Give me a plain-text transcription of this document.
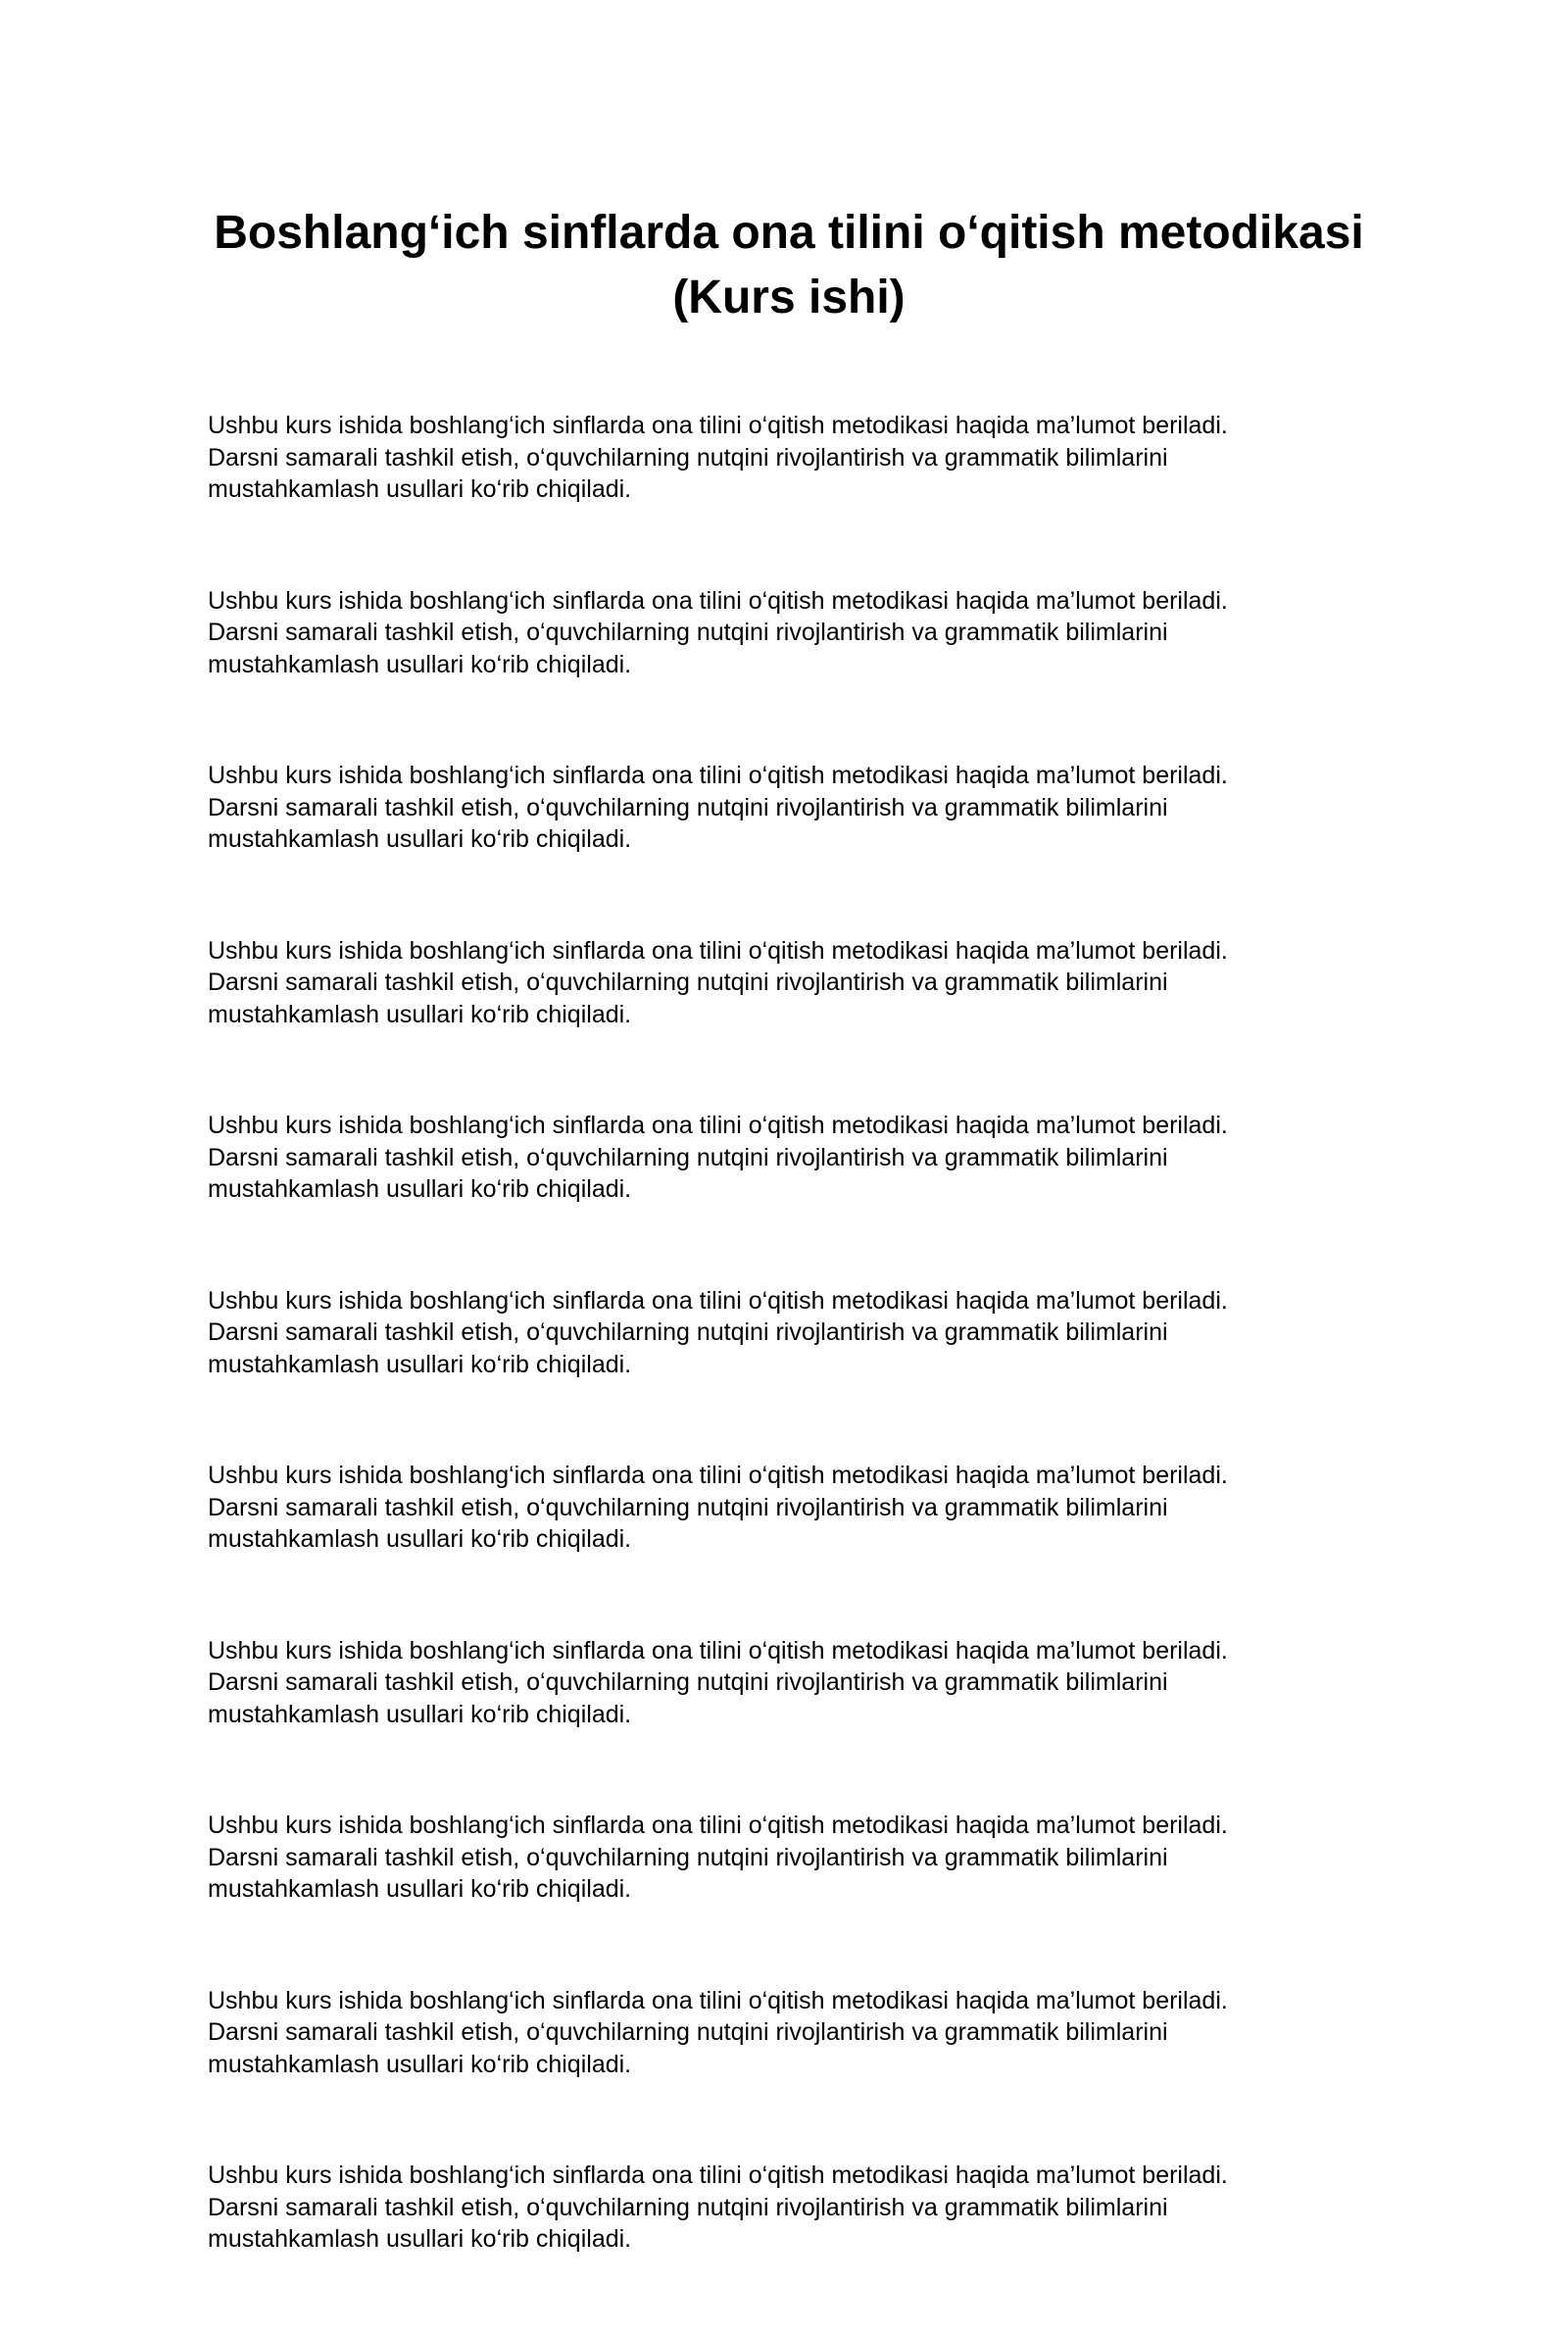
Boshlang‘ich sinflarda ona tilini o‘qitish metodikasi
(Kurs ishi)

Ushbu kurs ishida boshlang‘ich sinflarda ona tilini o‘qitish metodikasi haqida ma’lumot beriladi.
Darsni samarali tashkil etish, o‘quvchilarning nutqini rivojlantirish va grammatik bilimlarini
mustahkamlash usullari ko‘rib chiqiladi.

Ushbu kurs ishida boshlang‘ich sinflarda ona tilini o‘qitish metodikasi haqida ma’lumot beriladi.
Darsni samarali tashkil etish, o‘quvchilarning nutqini rivojlantirish va grammatik bilimlarini
mustahkamlash usullari ko‘rib chiqiladi.

Ushbu kurs ishida boshlang‘ich sinflarda ona tilini o‘qitish metodikasi haqida ma’lumot beriladi.
Darsni samarali tashkil etish, o‘quvchilarning nutqini rivojlantirish va grammatik bilimlarini
mustahkamlash usullari ko‘rib chiqiladi.

Ushbu kurs ishida boshlang‘ich sinflarda ona tilini o‘qitish metodikasi haqida ma’lumot beriladi.
Darsni samarali tashkil etish, o‘quvchilarning nutqini rivojlantirish va grammatik bilimlarini
mustahkamlash usullari ko‘rib chiqiladi.

Ushbu kurs ishida boshlang‘ich sinflarda ona tilini o‘qitish metodikasi haqida ma’lumot beriladi.
Darsni samarali tashkil etish, o‘quvchilarning nutqini rivojlantirish va grammatik bilimlarini
mustahkamlash usullari ko‘rib chiqiladi.

Ushbu kurs ishida boshlang‘ich sinflarda ona tilini o‘qitish metodikasi haqida ma’lumot beriladi.
Darsni samarali tashkil etish, o‘quvchilarning nutqini rivojlantirish va grammatik bilimlarini
mustahkamlash usullari ko‘rib chiqiladi.

Ushbu kurs ishida boshlang‘ich sinflarda ona tilini o‘qitish metodikasi haqida ma’lumot beriladi.
Darsni samarali tashkil etish, o‘quvchilarning nutqini rivojlantirish va grammatik bilimlarini
mustahkamlash usullari ko‘rib chiqiladi.

Ushbu kurs ishida boshlang‘ich sinflarda ona tilini o‘qitish metodikasi haqida ma’lumot beriladi.
Darsni samarali tashkil etish, o‘quvchilarning nutqini rivojlantirish va grammatik bilimlarini
mustahkamlash usullari ko‘rib chiqiladi.

Ushbu kurs ishida boshlang‘ich sinflarda ona tilini o‘qitish metodikasi haqida ma’lumot beriladi.
Darsni samarali tashkil etish, o‘quvchilarning nutqini rivojlantirish va grammatik bilimlarini
mustahkamlash usullari ko‘rib chiqiladi.

Ushbu kurs ishida boshlang‘ich sinflarda ona tilini o‘qitish metodikasi haqida ma’lumot beriladi.
Darsni samarali tashkil etish, o‘quvchilarning nutqini rivojlantirish va grammatik bilimlarini
mustahkamlash usullari ko‘rib chiqiladi.

Ushbu kurs ishida boshlang‘ich sinflarda ona tilini o‘qitish metodikasi haqida ma’lumot beriladi.
Darsni samarali tashkil etish, o‘quvchilarning nutqini rivojlantirish va grammatik bilimlarini
mustahkamlash usullari ko‘rib chiqiladi.
